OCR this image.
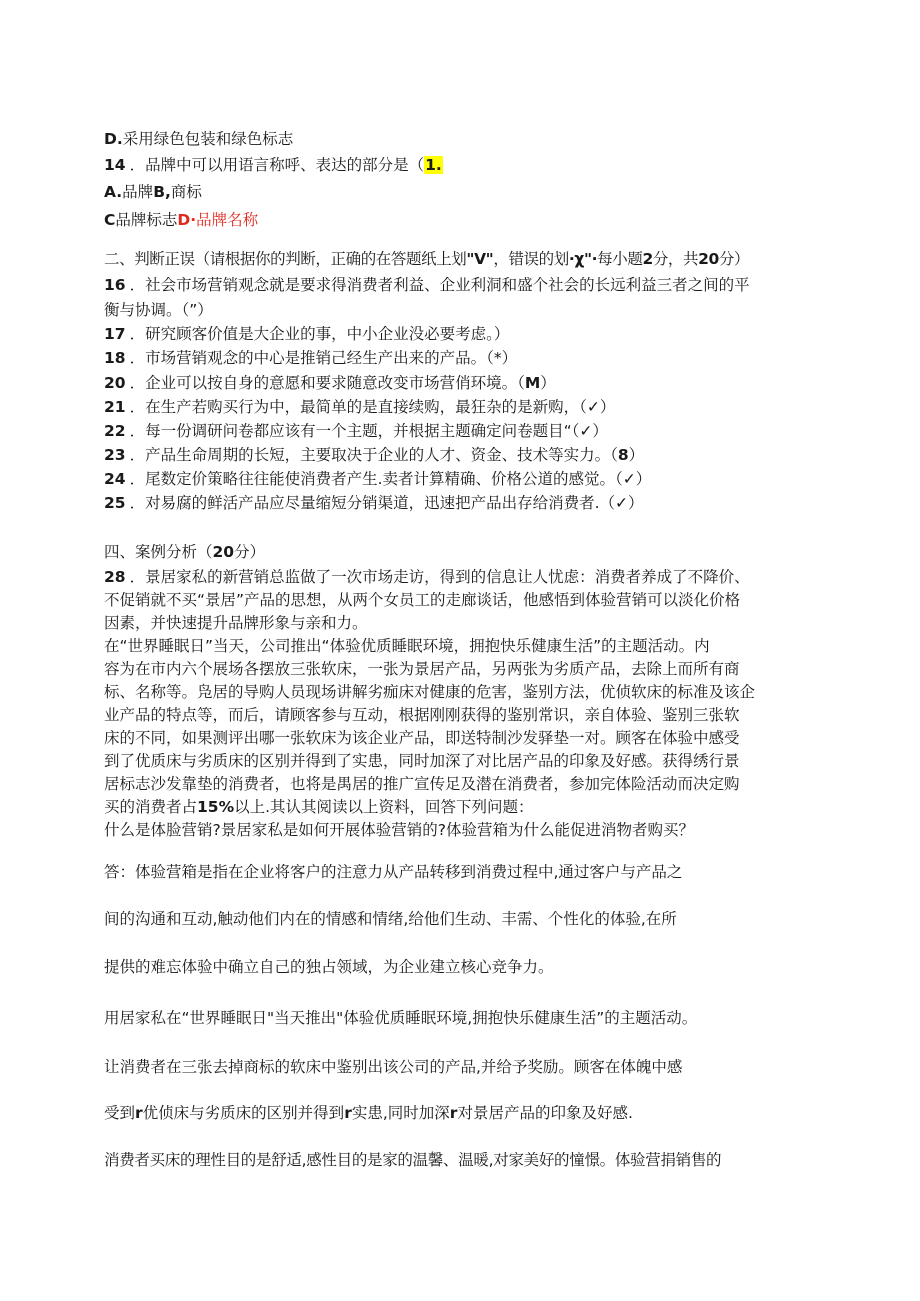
D.采用绿色包装和绿色标志
14 ．品牌中可以用语言称呼、表达的部分是（1.
A.品牌B,商标
C品牌标志D·品牌名称
二、判断正误（请根据你的判断，正确的在答题纸上划"V"，错误的划·χ"·每小题2分，共20分）
16 ．社会市场营销观念就是要求得消费者利益、企业利洞和盛个社会的长远利益三者之间的平
衡与协调。（”）
17 ．研究顾客价值是大企业的事，中小企业没必要考虑。）
18 ．市场营销观念的中心是推销己经生产出来的产品。（*）
20 ．企业可以按自身的意愿和要求随意改变市场营俏环境。（M）
21 ．在生产若购买行为中，最简单的是直接续购，最狂杂的是新购，（✓）
22 ．每一份调研问卷都应该有一个主题，并根据主题确定问卷题目“（✓）
23 ．产品生命周期的长短，主要取决于企业的人才、资金、技术等实力。（8）
24 ．尾数定价策略往往能使消费者产生.卖者计算精确、价格公道的感觉。（✓）
25 ．对易腐的鲜活产品应尽量缩短分销渠道，迅速把产品出存给消费者.（✓）
四、案例分析（20分）
28 ．景居家私的新营销总监做了一次市场走访，得到的信息让人忧虑：消费者养成了不降价、
不促销就不买“景居”产品的思想，从两个女员工的走廊谈话，他感悟到体验营销可以淡化价格
因素，并快速提升品牌形象与亲和力。
在“世界睡眠日”当天，公司推出“体验优质睡眠环境，拥抱快乐健康生活”的主题活动。内
容为在市内六个展场各摆放三张软床，一张为景居产品，另两张为劣质产品，去除上而所有商
标、名称等。凫居的导购人员现场讲解劣痂床对健康的危害，鉴别方法，优侦软床的标准及该企
业产品的特点等，而后，请顾客参与互动，根据刚刚获得的鉴别常识，亲自体验、鉴别三张软
床的不同，如果测评出哪一张软床为该企业产品，即送特制沙发驿垫一对。顾客在体验中感受
到了优质床与劣质床的区别并得到了实患，同时加深了对比居产品的印象及好感。获得绣行景
居标志沙发靠垫的消费者，也将是禺居的推广宣传足及潜在消费者，参加完体险活动而决定购
买的消费者占15%以上.其认其阅读以上资料，回答下列问题：
什么是体脸营销?景居家私是如何开展体验营销的?体验营箱为什么能促进消物者购买？
答：体验营箱是指在企业将客户的注意力从产品转移到消费过程中,通过客户与产品之
间的沟通和互动,触动他们内在的情感和情绪,给他们生动、丰需、个性化的体验,在所
提供的难忘体验中确立自己的独占领域，为企业建立核心竞争力。
用居家私在“世界睡眠日"当天推出"体验优质睡眠环境,拥抱快乐健康生活”的主题活动。
让消费者在三张去掉商标的软床中鉴别出该公司的产品,并给予奖励。顾客在体魄中感
受到r优侦床与劣质床的区别并得到r实患,同时加深r对景居产品的印象及好感.
消费者买床的理性目的是舒适,感性目的是家的温馨、温暖,对家美好的憧憬。体验营捐销售的
